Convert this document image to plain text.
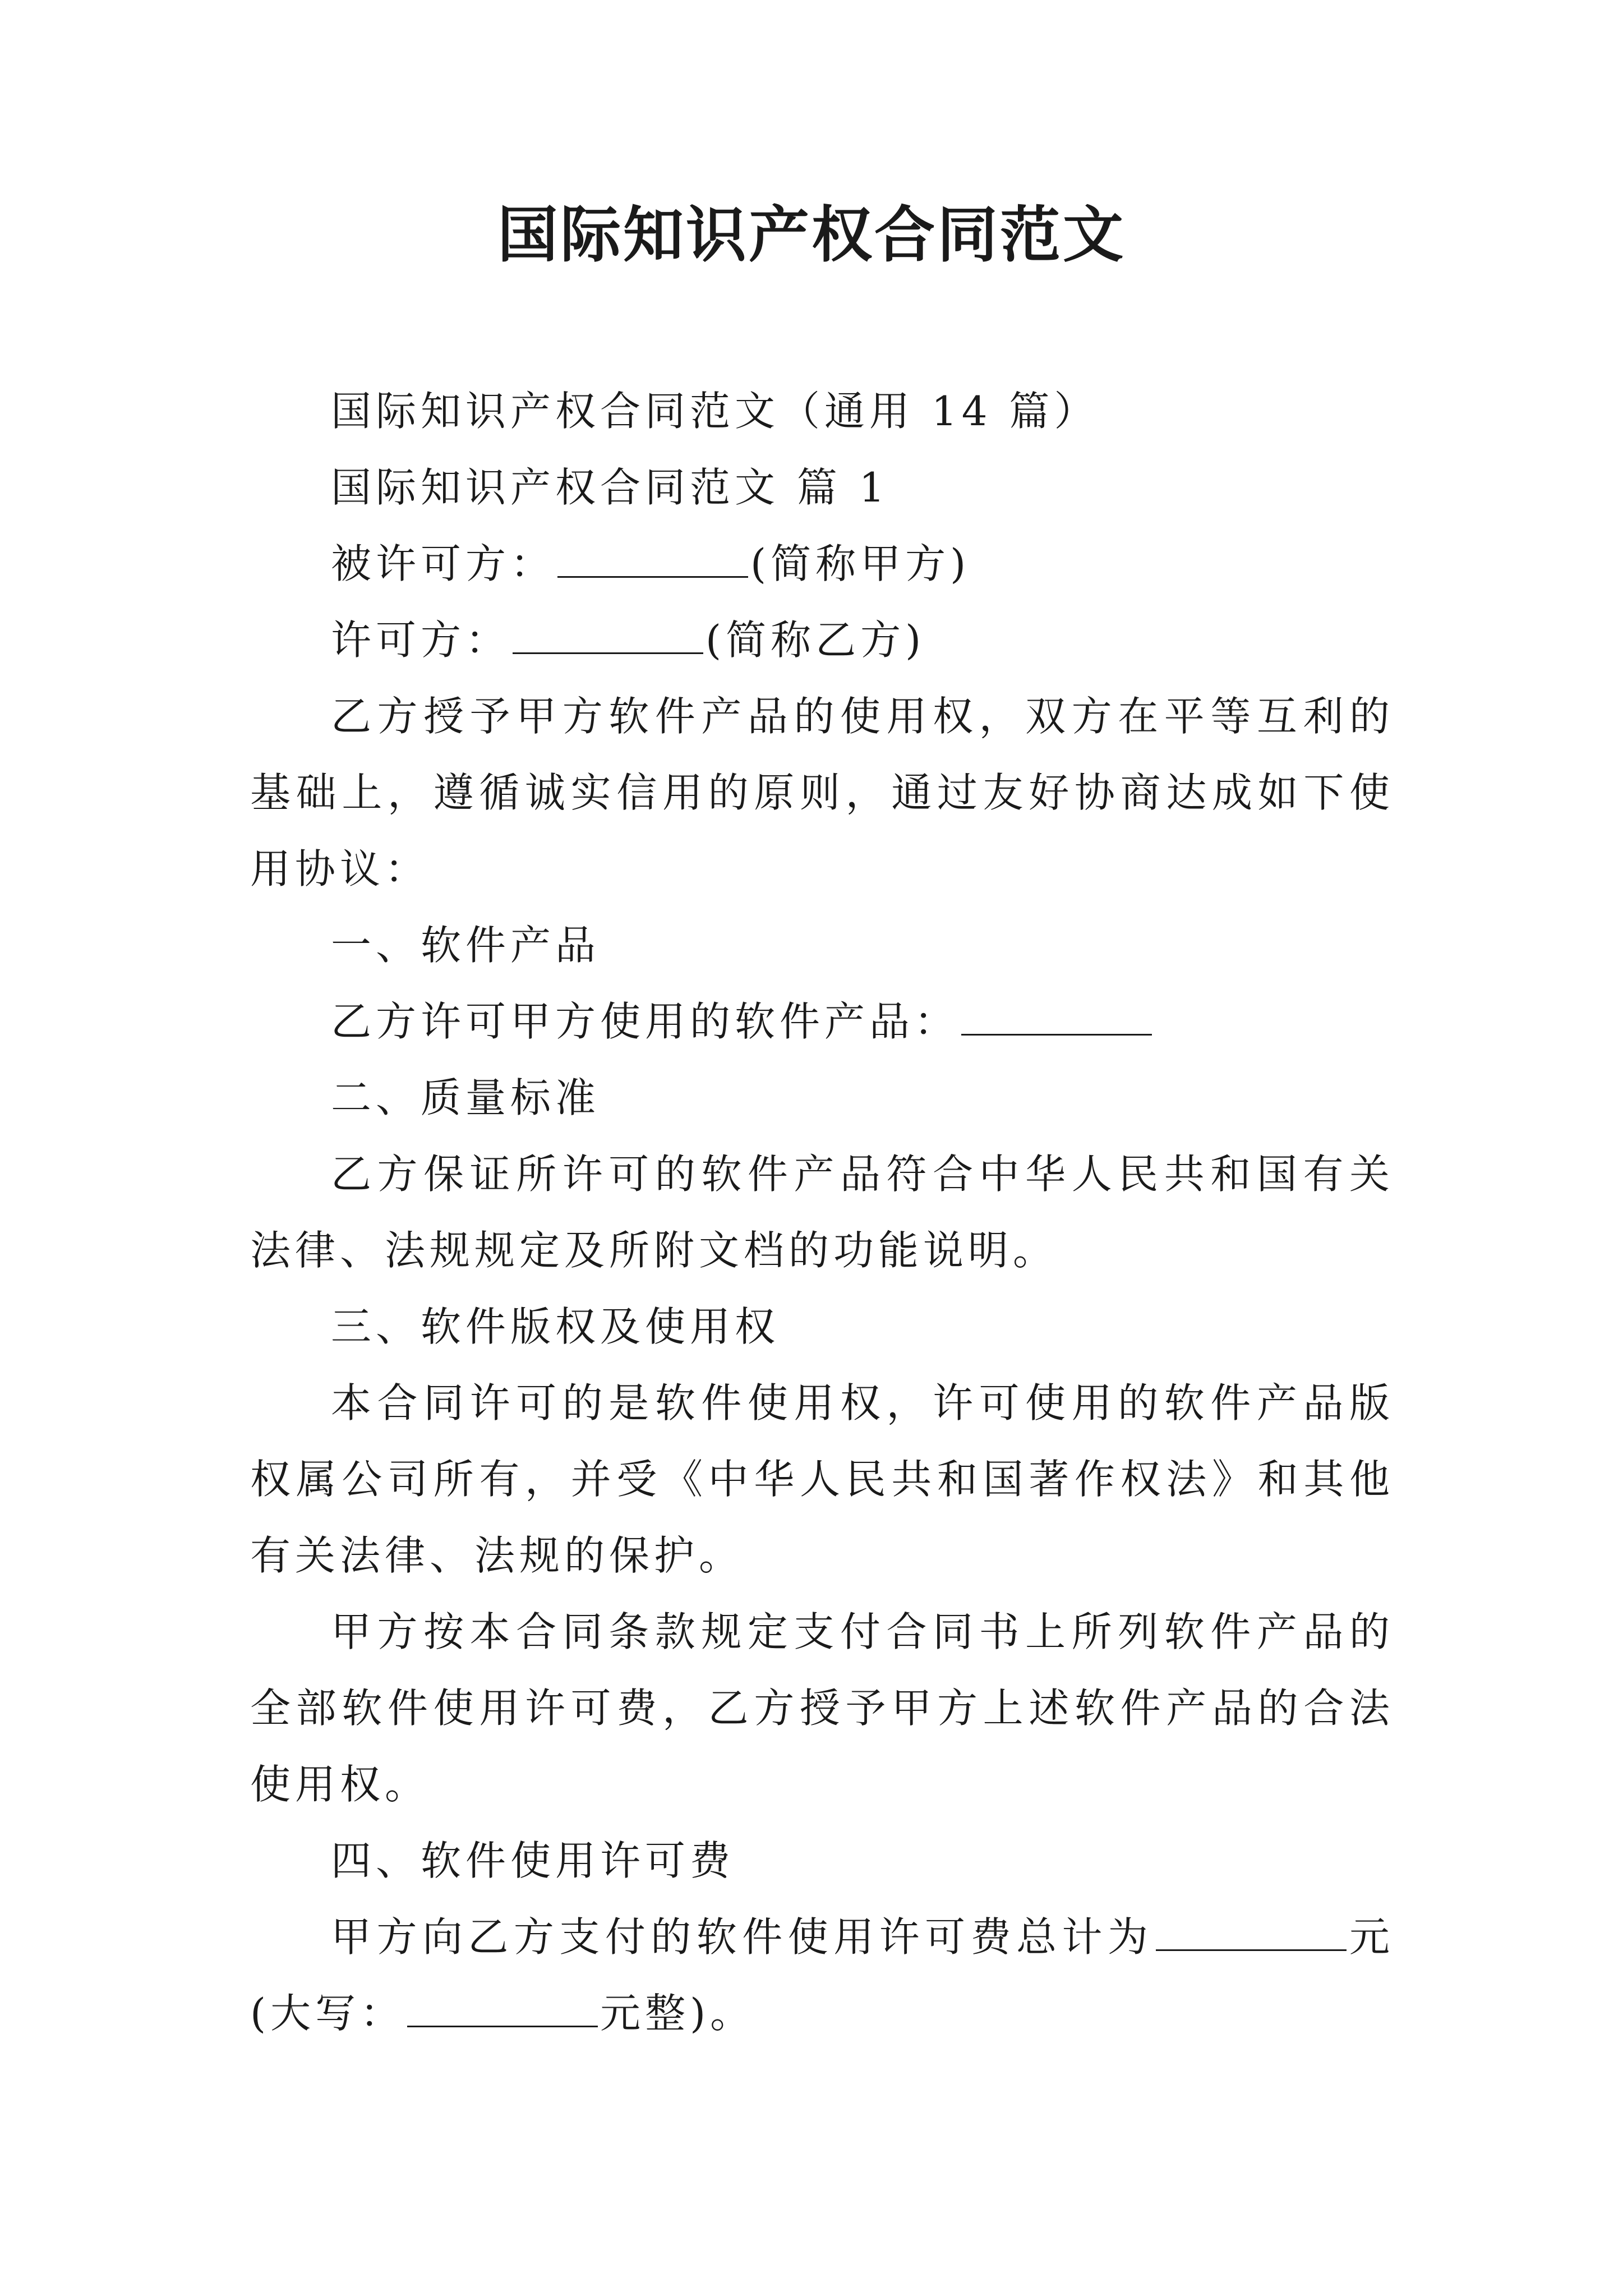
国际知识产权合同范文

国际知识产权合同范文（通用 14 篇）

国际知识产权合同范文 篇 1

被许可方：	(简称甲方)

许可方：	(简称乙方)

乙方授予甲方软件产品的使用权，双方在平等互利的基础上，遵循诚实信用的原则，通过友好协商达成如下使用协议：

一、软件产品

乙方许可甲方使用的软件产品：

二、质量标准

乙方保证所许可的软件产品符合中华人民共和国有关法律、法规规定及所附文档的功能说明。

三、软件版权及使用权

本合同许可的是软件使用权，许可使用的软件产品版权属公司所有，并受《中华人民共和国著作权法》和其他有关法律、法规的保护。

甲方按本合同条款规定支付合同书上所列软件产品的全部软件使用许可费，乙方授予甲方上述软件产品的合法使用权。

四、软件使用许可费

甲方向乙方支付的软件使用许可费总计为	元(大写：	元整)。
